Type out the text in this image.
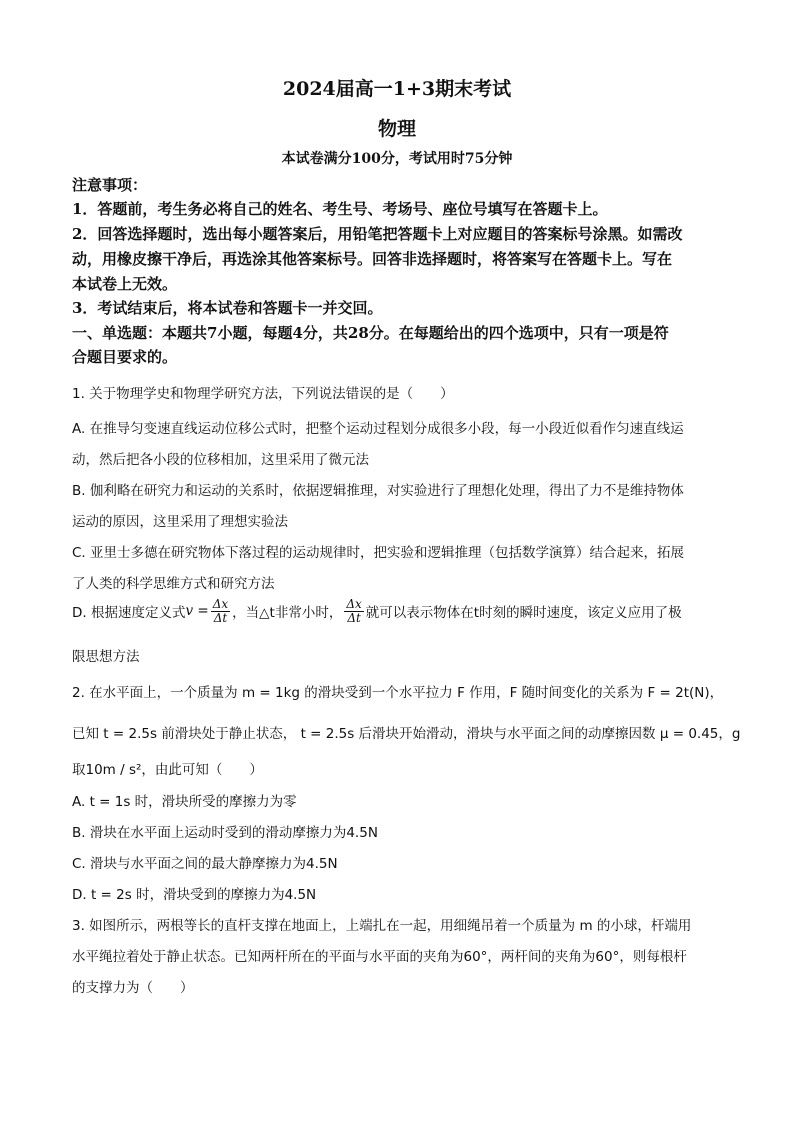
2024届高一1+3期末考试
物理
本试卷满分100分，考试用时75分钟
注意事项：
1．答题前，考生务必将自己的姓名、考生号、考场号、座位号填写在答题卡上。
2．回答选择题时，选出每小题答案后，用铅笔把答题卡上对应题目的答案标号涂黑。如需改
动，用橡皮擦干净后，再选涂其他答案标号。回答非选择题时，将答案写在答题卡上。写在
本试卷上无效。
3．考试结束后，将本试卷和答题卡一并交回。
一、单选题：本题共7小题，每题4分，共28分。在每题给出的四个选项中，只有一项是符
合题目要求的。
1. 关于物理学史和物理学研究方法，下列说法错误的是（　　）
A. 在推导匀变速直线运动位移公式时，把整个运动过程划分成很多小段，每一小段近似看作匀速直线运
动，然后把各小段的位移相加，这里采用了微元法
B. 伽利略在研究力和运动的关系时，依据逻辑推理，对实验进行了理想化处理，得出了力不是维持物体
运动的原因，这里采用了理想实验法
C. 亚里士多德在研究物体下落过程的运动规律时，把实验和逻辑推理（包括数学演算）结合起来，拓展
了人类的科学思维方式和研究方法
D. 根据速度定义式 $v = \frac{\Delta x}{\Delta t}$ ，当△t非常小时， $\frac{\Delta x}{\Delta t}$ 就可以表示物体在t时刻的瞬时速度，该定义应用了极
限思想方法
2. 在水平面上，一个质量为 m = 1kg 的滑块受到一个水平拉力 F 作用，F 随时间变化的关系为 F = 2t(N)，
已知 t = 2.5s 前滑块处于静止状态， t = 2.5s 后滑块开始滑动，滑块与水平面之间的动摩擦因数 μ = 0.45，g
取10m / s²，由此可知（　　）
A. t = 1s 时，滑块所受的摩擦力为零
B. 滑块在水平面上运动时受到的滑动摩擦力为4.5N
C. 滑块与水平面之间的最大静摩擦力为4.5N
D. t = 2s 时，滑块受到的摩擦力为4.5N
3. 如图所示，两根等长的直杆支撑在地面上，上端扎在一起，用细绳吊着一个质量为 m 的小球，杆端用
水平绳拉着处于静止状态。已知两杆所在的平面与水平面的夹角为60°，两杆间的夹角为60°，则每根杆
的支撑力为（　　）
